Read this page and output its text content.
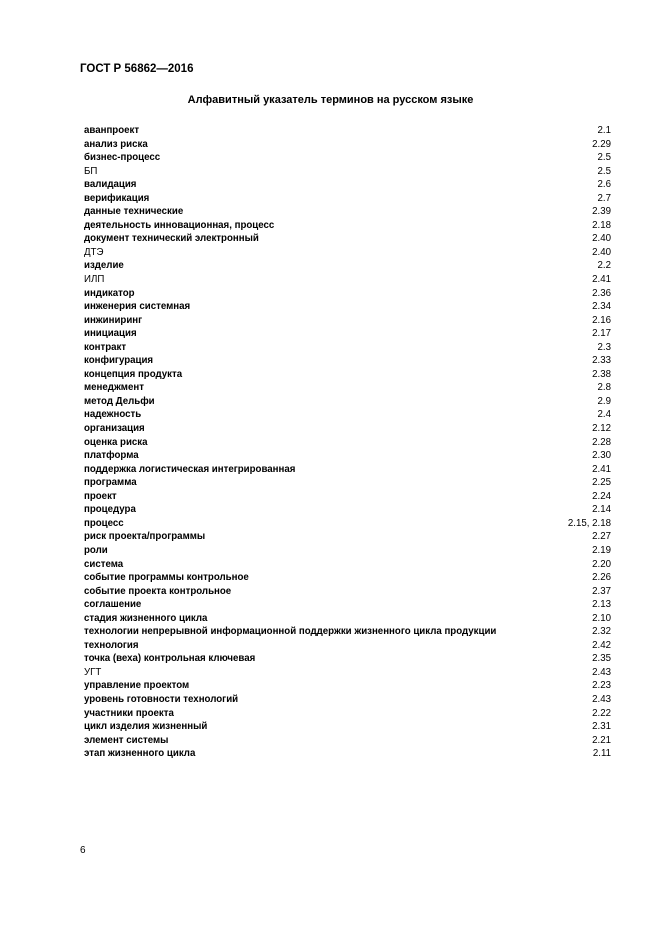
ГОСТ Р 56862—2016
Алфавитный указатель терминов на русском языке
аванпроект	2.1
анализ риска	2.29
бизнес-процесс	2.5
БП	2.5
валидация	2.6
верификация	2.7
данные технические	2.39
деятельность инновационная, процесс	2.18
документ технический электронный	2.40
ДТЭ	2.40
изделие	2.2
ИЛП	2.41
индикатор	2.36
инженерия системная	2.34
инжиниринг	2.16
инициация	2.17
контракт	2.3
конфигурация	2.33
концепция продукта	2.38
менеджмент	2.8
метод Дельфи	2.9
надежность	2.4
организация	2.12
оценка риска	2.28
платформа	2.30
поддержка логистическая интегрированная	2.41
программа	2.25
проект	2.24
процедура	2.14
процесс	2.15, 2.18
риск проекта/программы	2.27
роли	2.19
система	2.20
событие программы контрольное	2.26
событие проекта контрольное	2.37
соглашение	2.13
стадия жизненного цикла	2.10
технологии непрерывной информационной поддержки жизненного цикла продукции	2.32
технология	2.42
точка (веха) контрольная ключевая	2.35
УГТ	2.43
управление проектом	2.23
уровень готовности технологий	2.43
участники проекта	2.22
цикл изделия жизненный	2.31
элемент системы	2.21
этап жизненного цикла	2.11
6
